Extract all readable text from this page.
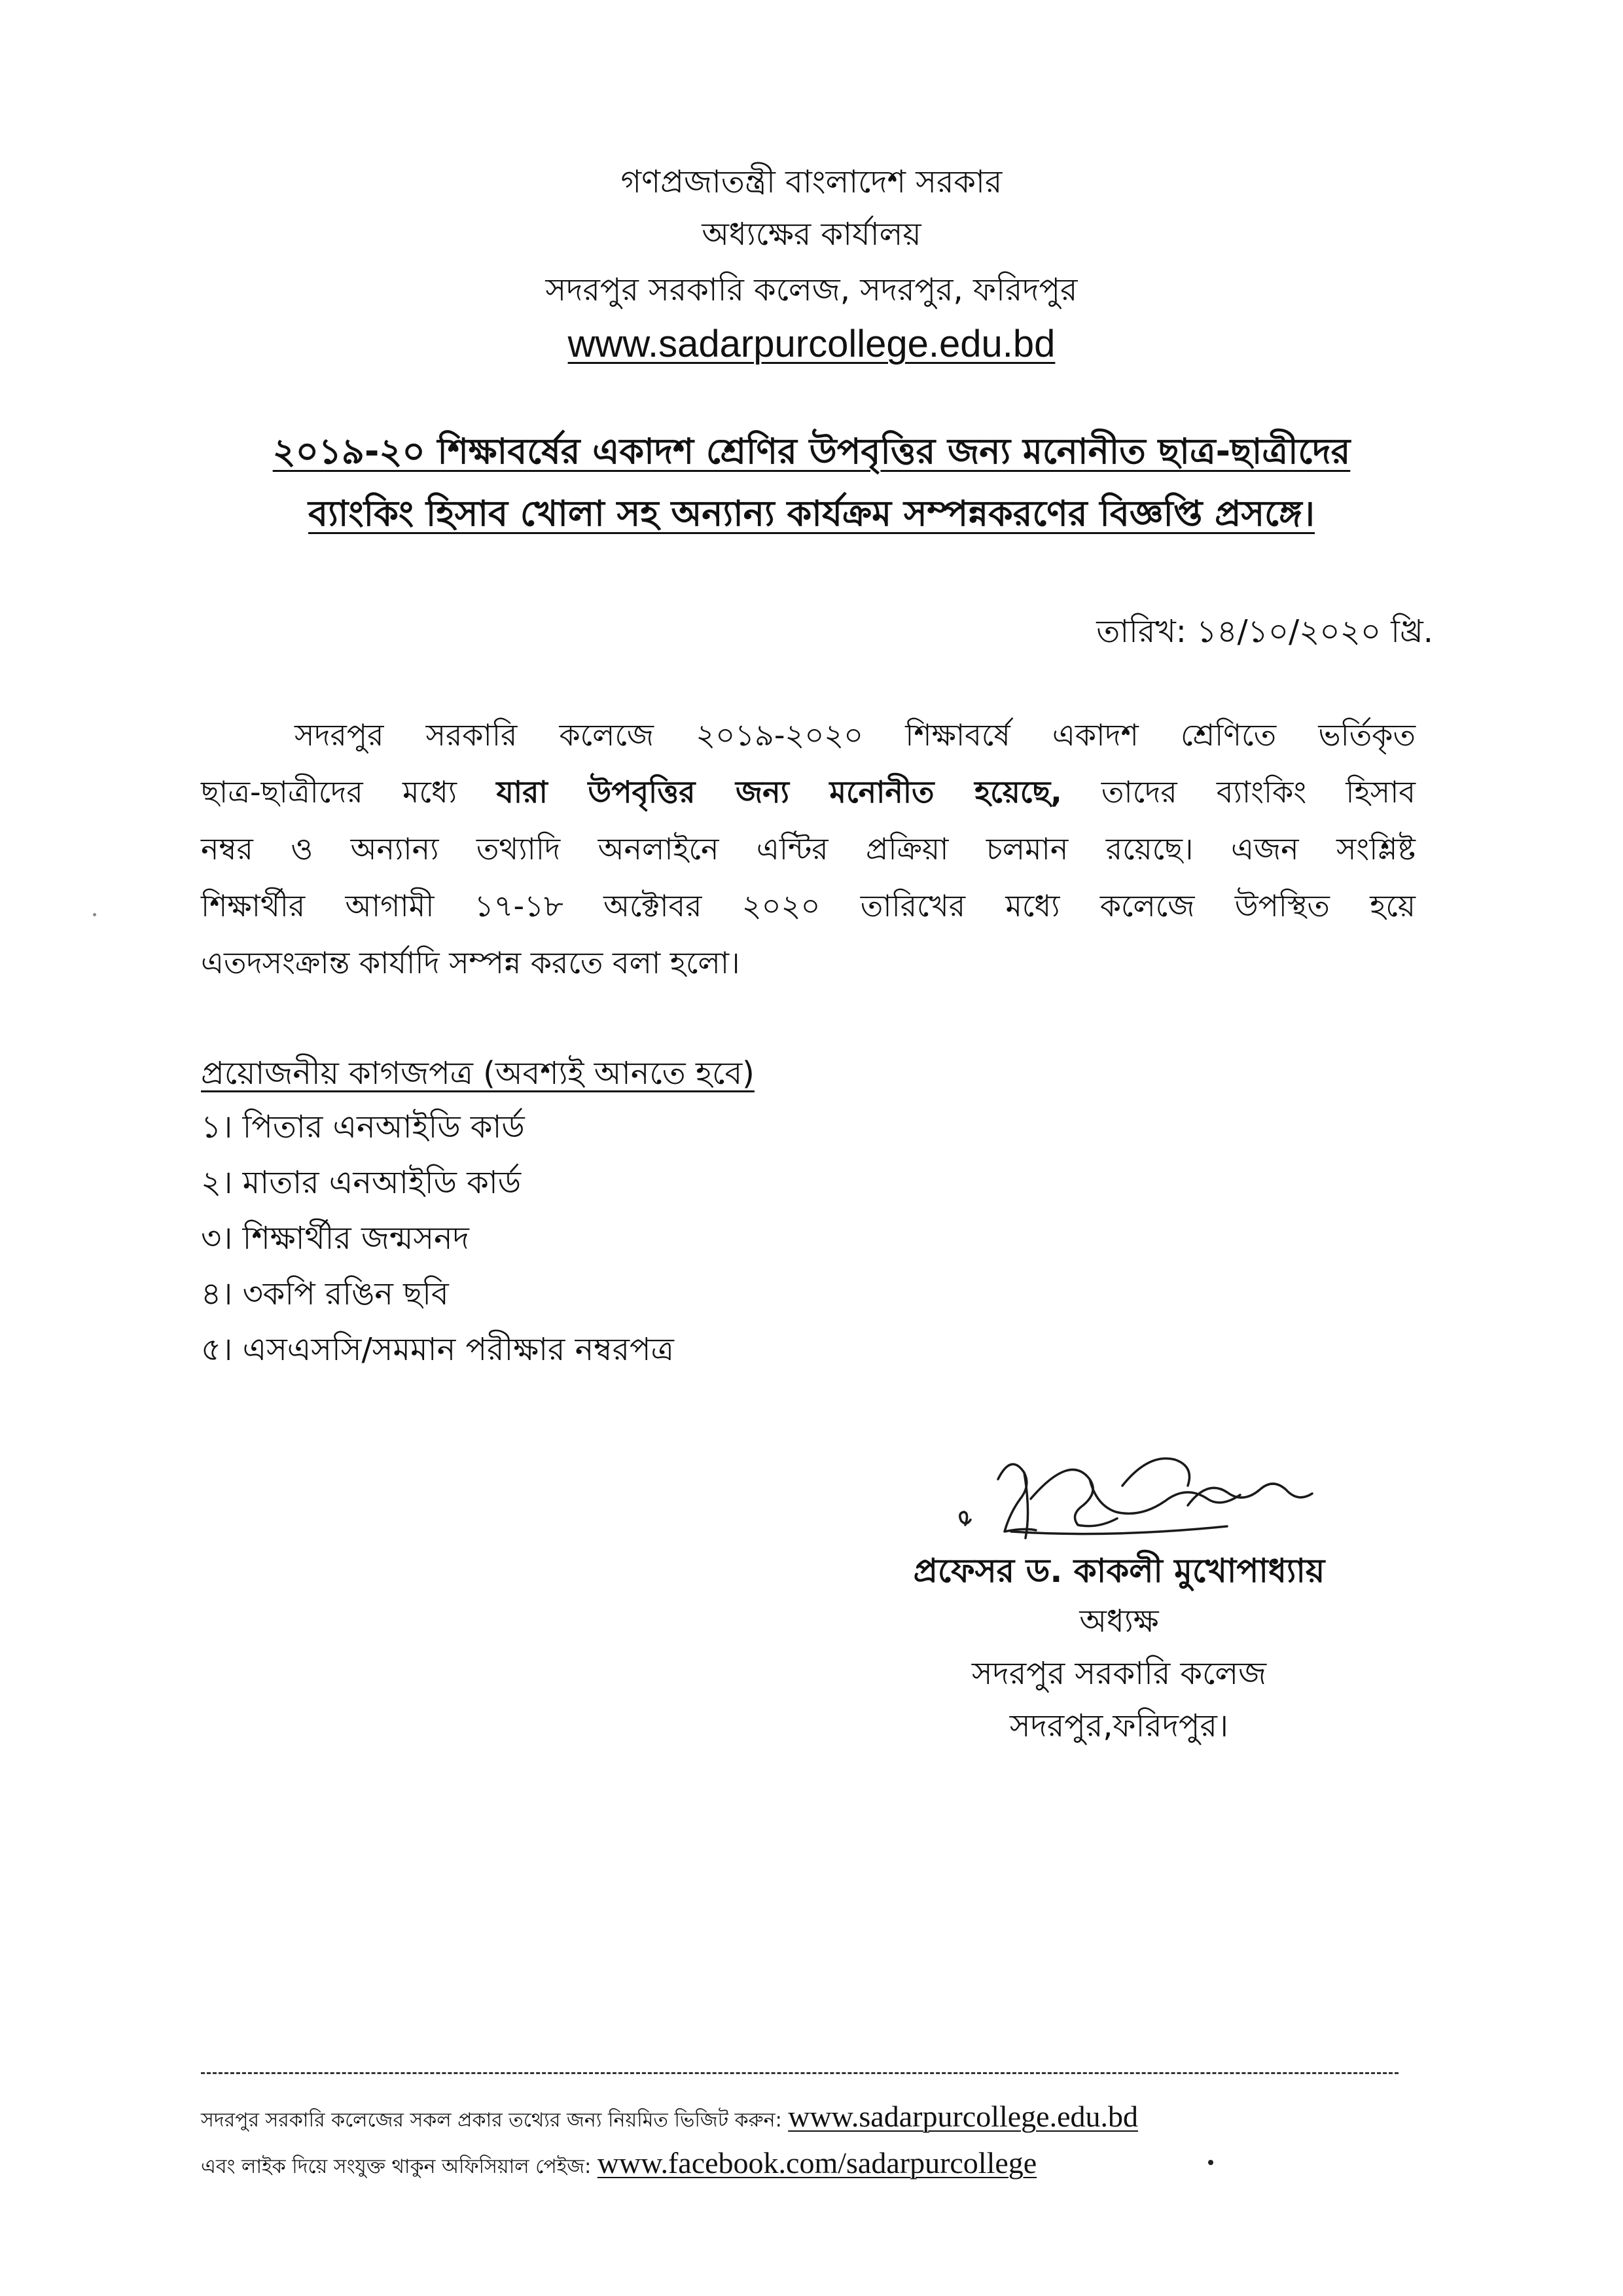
গণপ্রজাতন্ত্রী বাংলাদেশ সরকার
অধ্যক্ষের কার্যালয়
সদরপুর সরকারি কলেজ, সদরপুর, ফরিদপুর
www.sadarpurcollege.edu.bd
২০১৯-২০ শিক্ষাবর্ষের একাদশ শ্রেণির উপবৃত্তির জন্য মনোনীত ছাত্র-ছাত্রীদের
ব্যাংকিং হিসাব খোলা সহ অন্যান্য কার্যক্রম সম্পন্নকরণের বিজ্ঞপ্তি প্রসঙ্গে।
তারিখ: ১৪/১০/২০২০ খ্রি.
সদরপুর সরকারি কলেজে ২০১৯-২০২০ শিক্ষাবর্ষে একাদশ শ্রেণিতে ভর্তিকৃত
ছাত্র-ছাত্রীদের মধ্যে যারা উপবৃত্তির জন্য মনোনীত হয়েছে, তাদের ব্যাংকিং হিসাব
নম্বর ও অন্যান্য তথ্যাদি অনলাইনে এন্টির প্রক্রিয়া চলমান রয়েছে। এজন সংশ্লিষ্ট
শিক্ষার্থীর আগামী ১৭-১৮ অক্টোবর ২০২০ তারিখের মধ্যে কলেজে উপস্থিত হয়ে
এতদসংক্রান্ত কার্যাদি সম্পন্ন করতে বলা হলো।
প্রয়োজনীয় কাগজপত্র (অবশ্যই আনতে হবে)
১। পিতার এনআইডি কার্ড
২। মাতার এনআইডি কার্ড
৩। শিক্ষার্থীর জন্মসনদ
৪। ৩কপি রঙিন ছবি
৫। এসএসসি/সমমান পরীক্ষার নম্বরপত্র
প্রফেসর ড. কাকলী মুখোপাধ্যায়
অধ্যক্ষ
সদরপুর সরকারি কলেজ
সদরপুর,ফরিদপুর।
সদরপুর সরকারি কলেজের সকল প্রকার তথ্যের জন্য নিয়মিত ভিজিট করুন: www.sadarpurcollege.edu.bd
এবং লাইক দিয়ে সংযুক্ত থাকুন অফিসিয়াল পেইজ: www.facebook.com/sadarpurcollege
